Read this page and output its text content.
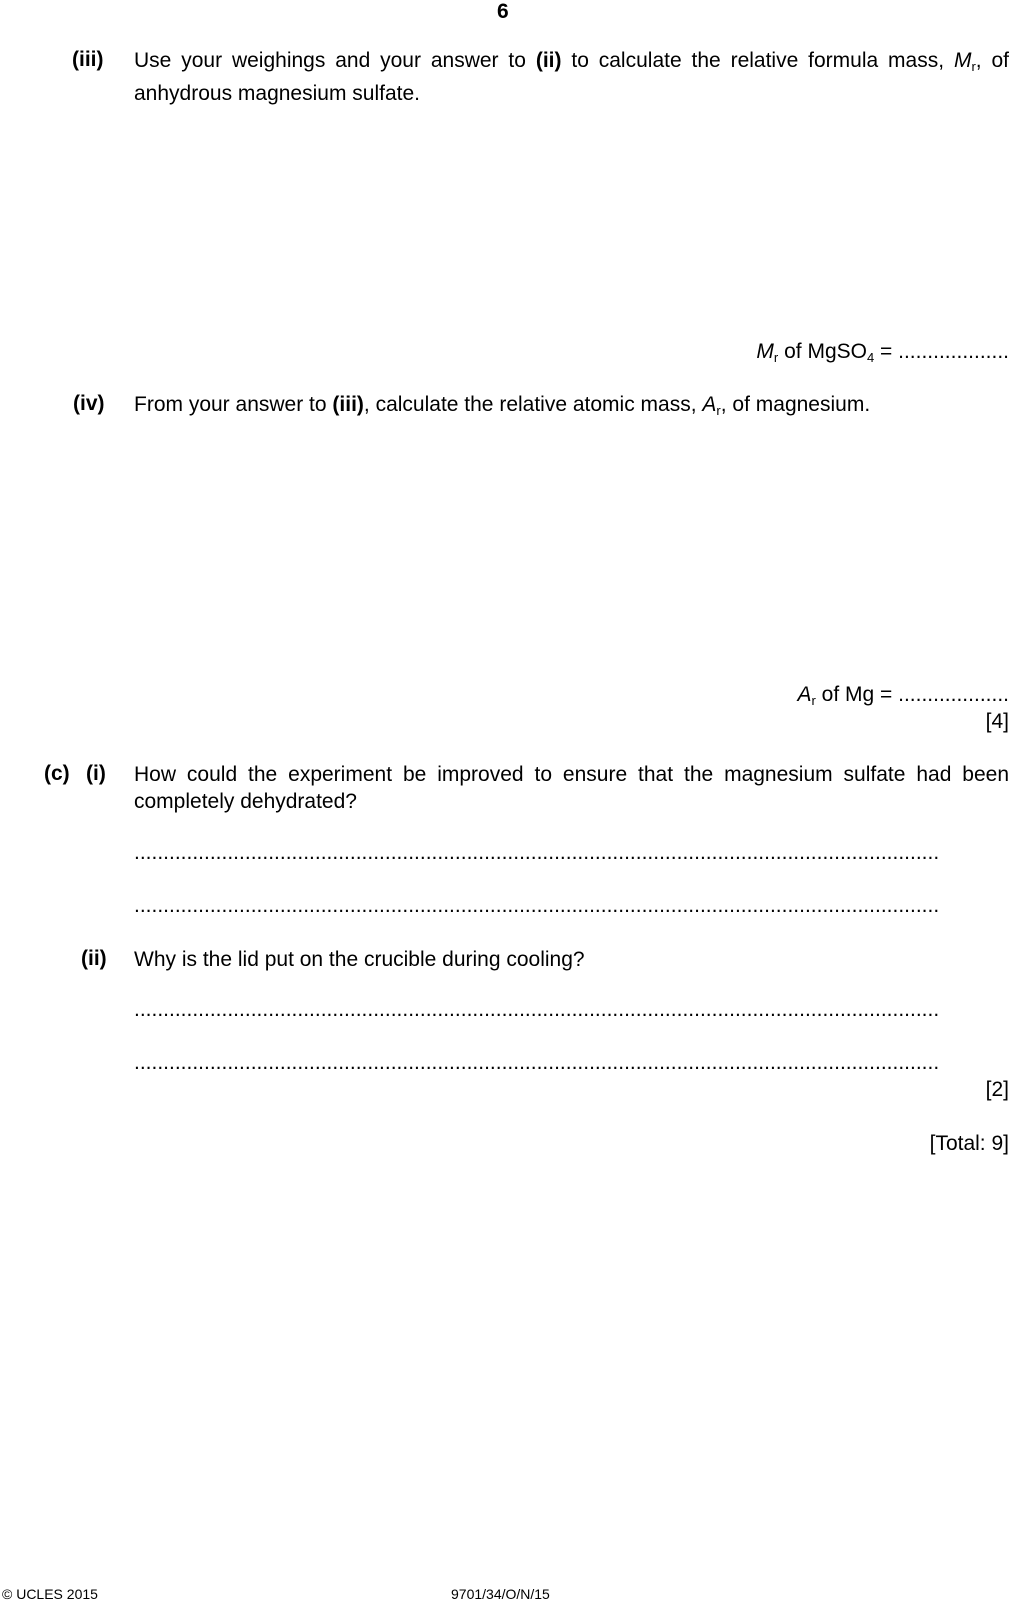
6
(iii) Use your weighings and your answer to (ii) to calculate the relative formula mass, $M_r$, of anhydrous magnesium sulfate.
$M_r$ of MgSO$_4$ = ...................
(iv) From your answer to (iii), calculate the relative atomic mass, $A_r$, of magnesium.
$A_r$ of Mg = ...................
[4]
(c) (i) How could the experiment be improved to ensure that the magnesium sulfate had been completely dehydrated?
..........................................................................................................................................
..........................................................................................................................................
(ii) Why is the lid put on the crucible during cooling?
..........................................................................................................................................
..........................................................................................................................................
[2]
[Total: 9]
© UCLES 2015	9701/34/O/N/15
